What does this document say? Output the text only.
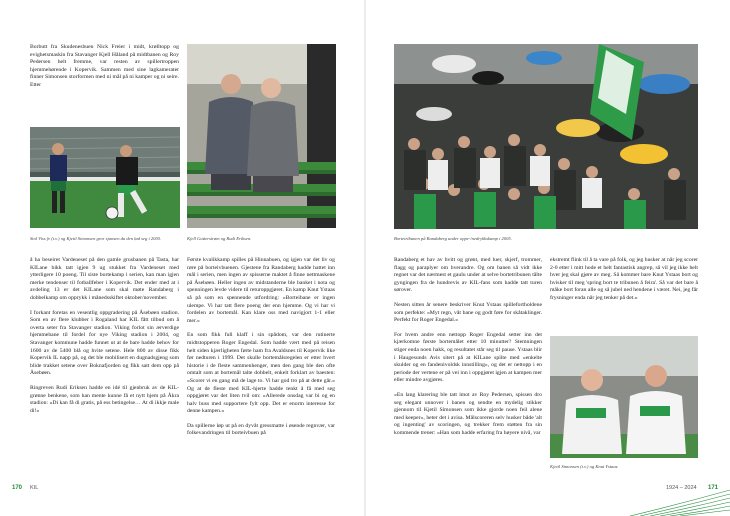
Borbutt fra Skudenesbuen Nick Freier i midt, krølltopp og evighetsmaskin fra Stavanger Kjell Håland på midtbanen og Roy Pedersen helt fremme, var resten av spillertroppen hjemmehørende i Kopervik. Sammen med sine lagkamerater finner Simonsen storformen med ni mål på ni kamper og ni seire. Etter

Stol Viss fv (t.v.) og Kjetil Simonsen gror sjansen da den lød seg i 2005.

å ha beseiret Vardeneset på den gamle grusbanen på Tasta, har KILane bikk tatt igjen 9 ug stukket fra Vardeneset med ytterligere 10 poeng. Til siste bortekamp i serien, kan man igjen merke tendenser til fotballfeber i Kopervik. Det ender med at i avdeling 13 er det KILane som skal møte Randaberg i dobbelkamp om opprykk i månedsskiftet oktober/november.

I forkant foretas en vesentlig oppgradering på Åsebøen stadion. Som en av flere klubber i Rogaland har KIL fått tilbud om å overta seter fra Stavanger stadion. Viking forlot sin ærverdige hjemmebane til fordel for nye Viking stadion i 2004, og Stavanger kommune hadde funnet ut at de bare hadde behov for 1600 av de 5400 blå og hvite setene. Hele 800 av disse fikk Kopervik IL napp på, og det ble mobilisert en dugnadsgjeng som blide trakket setene over Boknafjorden og fikk satt dem opp på Åsebøen.

Ringreven Rudi Eriksen hadde en idé til gjenbruk av de KIL-grønne benkene, som han mente kunne få et nytt hjem på Åkra stadion: «Di kan få di gratis, på ess betingelse… At di ikkje male di!»

Kjell Gutterstrøm og Rudi Eriksen.

Første kvalikkamp spilles på Hinnabuen, og igjen var det liv og røre på borteivbuenen. Gjestene fra Randaberg hadde hattet inn mål i serien, men ingen av spisserne maktet å finne nettmaskene på Åsebøen. Heller ingen av midstanderne ble banket i nota og spenningen levde videre til returoppgjøret. En kamp Knut Ystaas så på som en spennende utfordring: «Borteibane er ingen ulempe. Vi har tatt flere poeng der enn hjemme. Og vi har vi fordelen av bortemål. Kan klare oss med navigjort 1-1 eller mer.»

En som fikk full klaff i sin spådom, var den rutinerte midtstopperen Roger Engedal. Som hadde vært med på reisen helt siden kjærligheten førte ham fra Avaldsnes til Kopervik like før nedturen i 1999. Det skulle bortemålsregelen er etter hvert historie i de fleste sammenhenger, men den gang ble den ofte omtalt som at bortemål talte dobbelt, enkelt forklart av baesten: «Scorer vi en gang må de lage to. Vi har god tro på at dette går.» Og at de fleste med KIL-hjerte hadde tenkt å få med seg oppgjøret var det liten tvil om: «Allerede onsdag var bi og en halv buss med supportere fylt opp. Det er enorm interesse for denne kampen.»

Da spillerne løp ut på en dyvåt gressmatte i øsende regnvær, var folkevandringen til borteivbuen på

170 KIL
Bortetribunen på Randaberg under oppe-/nedrykkskamp i 2005.

Randaberg et hav av hvitt og grønt, med luer, skjerf, trommer, flagg og paraplyer om hverandre. Og om banen så vidt ikke regnet var det nærmest et gaulu under at selve bortetribunen tålte gyngingen fra de hundrevis av KIL-fans som hadde tatt turen sørover.

Nesten sitten år senere beskriver Knut Ystaas spillefortholdene som perfekte: «Myt regn, våt bane og godt føre for skåtaklinger. Perfekt for Roger Engedal.»

For hvem andre enn nettopp Roger Engedal setter inn det kjærkomne første bortemålet etter 10 minutter? Stemningen stiger enda noen hakk, og resultatet står seg til pause. Ystaas blir i Haugesunds Avis sitert på at KILane spilte med «enkelte skulder og en fandenivoldsk innstilling», og det er nettopp i en periode der vertene er på vei inn i oppgjøret igjen at kampen mer eller mindre avgjøres.

«En lang klarering ble tatt imot av Roy Pedersen, spissen dro seg elegant unnover i banen og sendte en mydelig stikker gjennom til Kjetil Simonsen som ikke gjorde noen feil alene med keeper», heter det i avisa. Målscoreren selv husker både 'alt og ingenting' av scoringen, og trekker frem støtten fra sin kommende trener: «Han som hadde erfaring fra høyere nivå, var

ekstremt flink til å ta vare på folk, og jeg husker at når jeg scorer 2-0 etter i mitt hode et helt fantastisk angrep, så vil jeg ikke helt hver jeg skal gjøre av meg. Så kommer bare Knut Ystaas bort og hvisker til meg 'spring bort te tribunen å feira'. Så var det bare å måke bort foran alle og så jubel ned hendene i været. Nei, jeg får frysninger enda når jeg tenker på det.»

Kjetil Simonsen (t.v.) og Knut Ystaas.
1924 – 2024 171
